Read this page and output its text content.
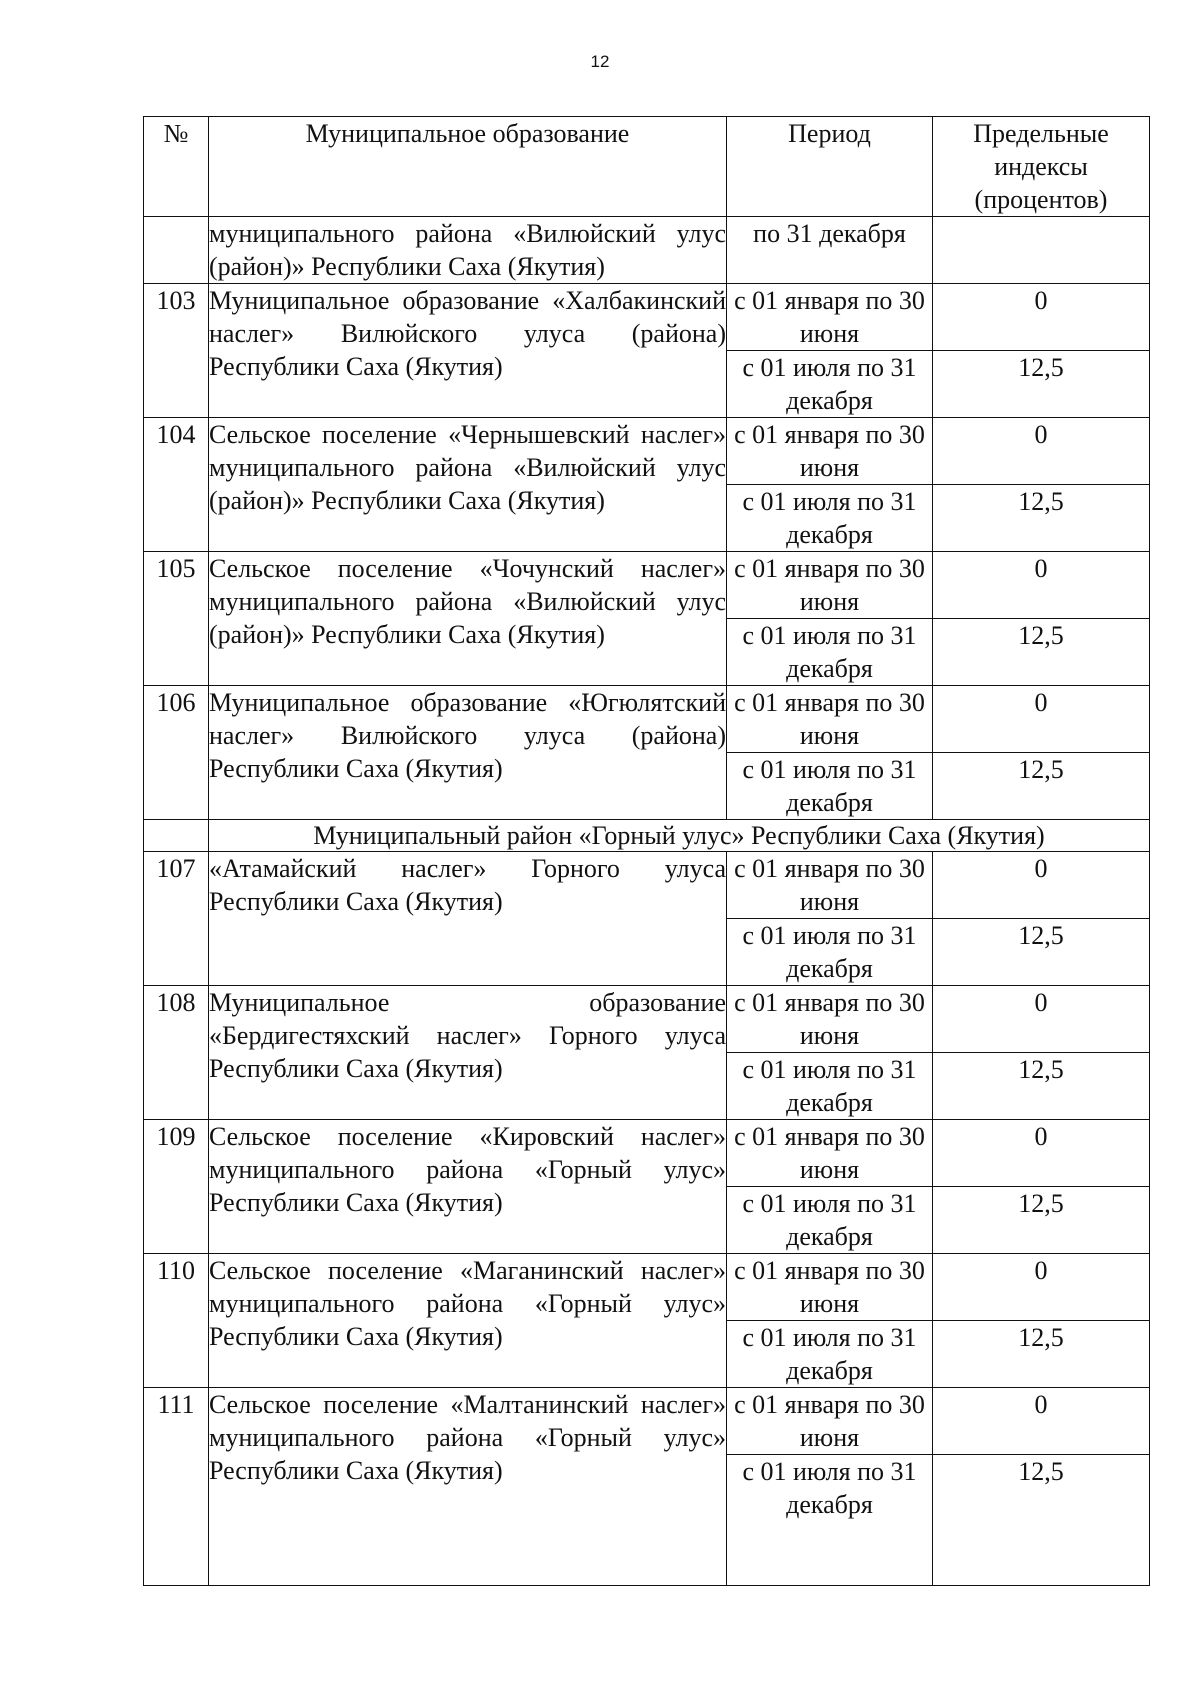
12
№	Муниципальное образование	Период	Предельные индексы (процентов)
	муниципального района «Вилюйский улус (район)» Республики Саха (Якутия)	по 31 декабря	
103	Муниципальное образование «Халбакинский наслег» Вилюйского улуса (района) Республики Саха (Якутия)	с 01 января по 30 июня	0
		с 01 июля по 31 декабря	12,5
104	Сельское поселение «Чернышевский наслег» муниципального района «Вилюйский улус (район)» Республики Саха (Якутия)	с 01 января по 30 июня	0
		с 01 июля по 31 декабря	12,5
105	Сельское поселение «Чочунский наслег» муниципального района «Вилюйский улус (район)» Республики Саха (Якутия)	с 01 января по 30 июня	0
		с 01 июля по 31 декабря	12,5
106	Муниципальное образование «Югюлятский наслег» Вилюйского улуса (района) Республики Саха (Якутия)	с 01 января по 30 июня	0
		с 01 июля по 31 декабря	12,5
	Муниципальный район «Горный улус» Республики Саха (Якутия)		
107	«Атамайский наслег» Горного улуса Республики Саха (Якутия)	с 01 января по 30 июня	0
		с 01 июля по 31 декабря	12,5
108	Муниципальное образование «Бердигестяхский наслег» Горного улуса Республики Саха (Якутия)	с 01 января по 30 июня	0
		с 01 июля по 31 декабря	12,5
109	Сельское поселение «Кировский наслег» муниципального района «Горный улус» Республики Саха (Якутия)	с 01 января по 30 июня	0
		с 01 июля по 31 декабря	12,5
110	Сельское поселение «Маганинский наслег» муниципального района «Горный улус» Республики Саха (Якутия)	с 01 января по 30 июня	0
		с 01 июля по 31 декабря	12,5
111	Сельское поселение «Малтанинский наслег» муниципального района «Горный улус» Республики Саха (Якутия)	с 01 января по 30 июня	0
		с 01 июля по 31 декабря	12,5
